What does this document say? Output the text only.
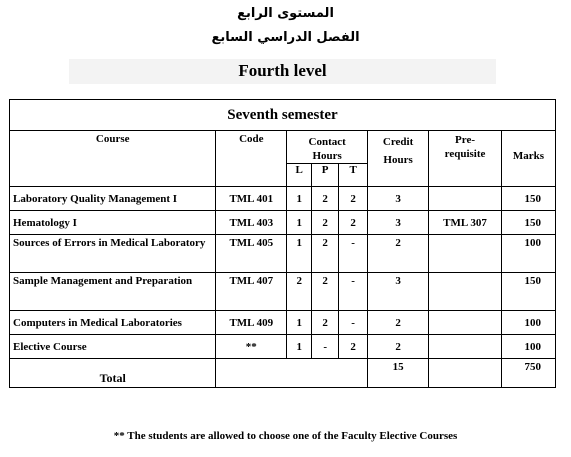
المستوى الرابع
الفصل الدراسي السابع
Fourth level
Seventh semester							
Course	Code	Contact Hours			Credit Hours	Pre-requisite	Marks
		L	P	T			
Laboratory Quality Management I	TML 401	1	2	2	3		150
Hematology I	TML 403	1	2	2	3	TML 307	150
Sources of Errors in Medical Laboratory	TML 405	1	2	-	2		100
Sample Management and Preparation	TML 407	2	2	-	3		150
Computers in Medical Laboratories	TML 409	1	2	-	2		100
Elective Course	**	1	-	2	2		100
Total					15		750
** The students are allowed to choose one of the Faculty Elective Courses
